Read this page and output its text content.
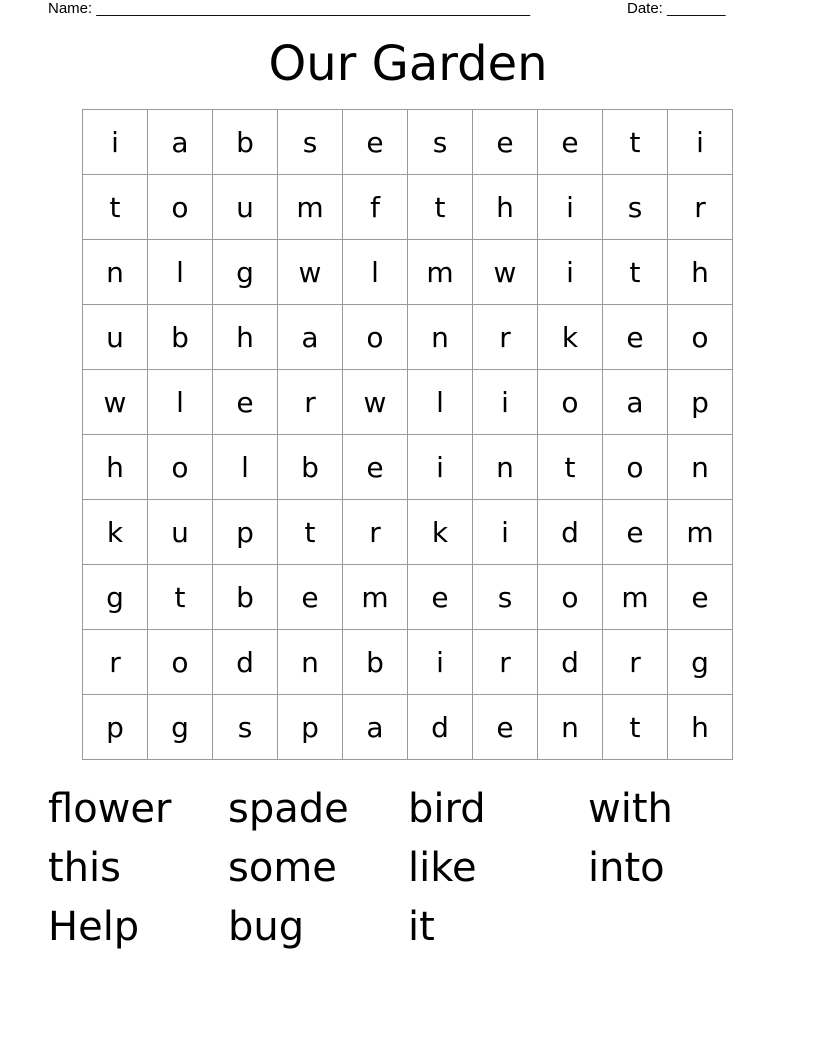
Name: ____________________________________________________	Date: _______
Our Garden
i	a	b	s	e	s	e	e	t	i
t	o	u	m	f	t	h	i	s	r
n	l	g	w	l	m	w	i	t	h
u	b	h	a	o	n	r	k	e	o
w	l	e	r	w	l	i	o	a	p
h	o	l	b	e	i	n	t	o	n
k	u	p	t	r	k	i	d	e	m
g	t	b	e	m	e	s	o	m	e
r	o	d	n	b	i	r	d	r	g
p	g	s	p	a	d	e	n	t	h
flower	spade	bird	with
this	some	like	into
Help	bug	it
